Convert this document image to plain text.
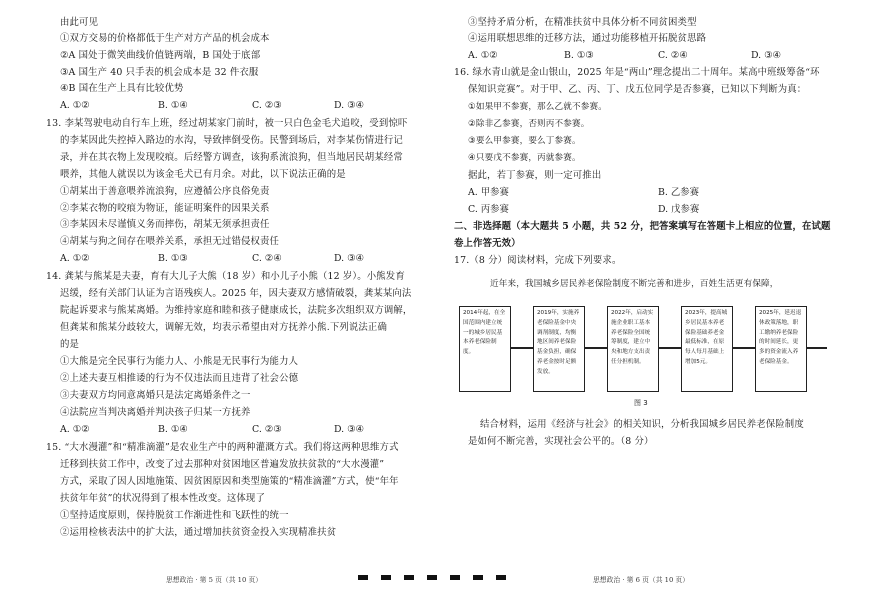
由此可见
①双方交易的价格都低于生产对方产品的机会成本
②A 国处于微笑曲线价值链两端，B 国处于底部
③A 国生产 40 只手表的机会成本是 32 件衣服
④B 国在生产上具有比较优势
A. ①②	B. ①④	C. ②③	D. ③④
13. 李某驾驶电动自行车上班，经过胡某家门前时，被一只白色金毛犬追咬，受到惊吓
的李某因此失控掉入路边的水沟，导致摔倒受伤。民警到场后，对李某伤情进行记
录，并在其衣物上发现咬痕。后经警方调查，该狗系流浪狗，但当地居民胡某经常
喂养，其他人就误以为该金毛犬已有月余。对此，以下说法正确的是
①胡某出于善意喂养流浪狗，应遵循公序良俗免责
②李某衣物的咬痕为物证，能证明案件的因果关系
③李某因未尽谨慎义务而摔伤，胡某无须承担责任
④胡某与狗之间存在喂养关系，承担无过错侵权责任
A. ①②	B. ①③	C. ②④	D. ③④
14. 龚某与熊某是夫妻，育有大儿子大熊（18 岁）和小儿子小熊（12 岁）。小熊发育
迟缓，经有关部门认证为言语残疾人。2025 年，因夫妻双方感情破裂，龚某某向法
院起诉要求与熊某离婚。为维持家庭和睦和孩子健康成长，法院多次组织双方调解，
但龚某和熊某分歧较大，调解无效，均表示希望由对方抚养小熊.下列说法正确
的是
①大熊是完全民事行为能力人、小熊是无民事行为能力人
②上述夫妻互相推诿的行为不仅违法而且违背了社会公德
③夫妻双方均同意离婚只是法定离婚条件之一
④法院应当判决离婚并判决孩子归某一方抚养
A. ①②	B. ①④	C. ②③	D. ③④
15. “大水漫灌”和“精准滴灌”是农业生产中的两种灌溉方式。我们将这两种思维方式
迁移到扶贫工作中，改变了过去那种对贫困地区普遍发放扶贫款的“大水漫灌”
方式，采取了因人因地施策、因贫困原因和类型施策的“精准滴灌”方式，使“年年
扶贫年年贫”的状况得到了根本性改变。这体现了
①坚持适度原则，保持脱贫工作渐进性和飞跃性的统一
②运用检核表法中的扩大法，通过增加扶贫资金投入实现精准扶贫
思想政治 · 第 5 页（共 10 页）
③坚持矛盾分析，在精准扶贫中具体分析不同贫困类型
④运用联想思维的迁移方法，通过功能移植开拓脱贫思路
A. ①②	B. ①③	C. ②④	D. ③④
16. 绿水青山就是金山银山，2025 年是“两山”理念提出二十周年。某高中班级筹备“环
保知识竞赛”。对于甲、乙、丙、丁、戊五位同学是否参赛，已知以下判断为真：
①如果甲不参赛，那么乙就不参赛。
②除非乙参赛，否则丙不参赛。
③要么甲参赛，要么丁参赛。
④只要戊不参赛，丙就参赛。
据此，若丁参赛，则一定可推出
A. 甲参赛	B. 乙参赛
C. 丙参赛	D. 戊参赛
二、非选择题（本大题共 5 小题，共 52 分，把答案填写在答题卡上相应的位置，在试题
卷上作答无效）
17.（8 分）阅读材料，完成下列要求。
近年来，我国城乡居民养老保险制度不断完善和进步，百姓生活更有保障，
结合材料，运用《经济与社会》的相关知识，分析我国城乡居民养老保险制度
是如何不断完善，实现社会公平的。（8 分）
思想政治 · 第 6 页（共 10 页）
2014年起，在全国范围内建立统一的城乡居民基本养老保险制度。
2019年，实施养老保险基金中央调剂制度，均衡地区间养老保险基金负担，确保养老金按时足额发放。
2022年，启动实施企业职工基本养老保险全国统筹制度，建立中央和地方支出责任分担机制。
2023年，提高城乡居民基本养老保险基础养老金最低标准，在原每人每月基础上增加5元。
2025年，延迟退休政策落地，职工缴纳养老保险的时间延长，更多的资金流入养老保险基金。
图 3
